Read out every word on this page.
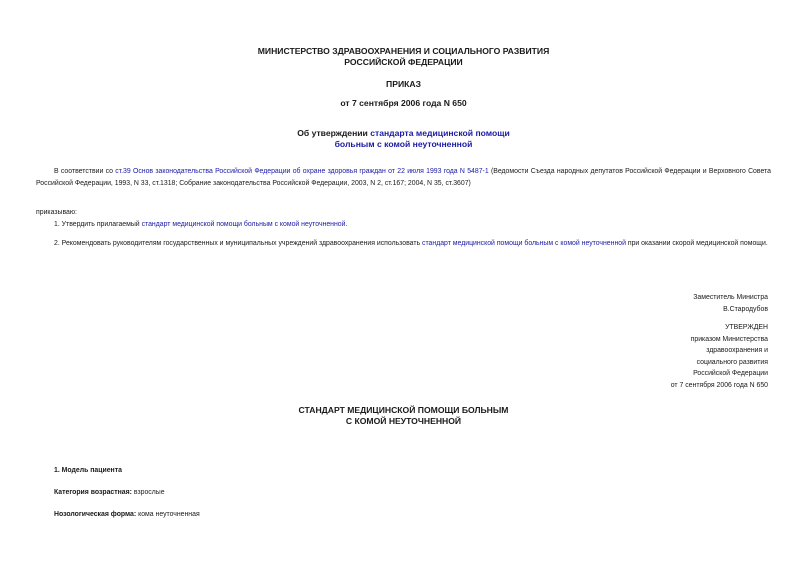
МИНИСТЕРСТВО ЗДРАВООХРАНЕНИЯ И СОЦИАЛЬНОГО РАЗВИТИЯ
РОССИЙСКОЙ ФЕДЕРАЦИИ
ПРИКАЗ
от 7 сентября 2006 года N 650
Об утверждении стандарта медицинской помощи
больным с комой неуточненной
В соответствии со ст.39 Основ законодательства Российской Федерации об охране здоровья граждан от 22 июля 1993 года N 5487-1 (Ведомости Съезда народных депутатов Российской Федерации и Верховного Совета Российской Федерации, 1993, N 33, ст.1318; Собрание законодательства Российской Федерации, 2003, N 2, ст.167; 2004, N 35, ст.3607)
приказываю:
1. Утвердить прилагаемый стандарт медицинской помощи больным с комой неуточненной.
2. Рекомендовать руководителям государственных и муниципальных учреждений здравоохранения использовать стандарт медицинской помощи больным с комой неуточненной при оказании скорой медицинской помощи.
Заместитель Министра
В.Стародубов
УТВЕРЖДЕН
приказом Министерства
здравоохранения и
социального развития
Российской Федерации
от 7 сентября 2006 года N 650
СТАНДАРТ МЕДИЦИНСКОЙ ПОМОЩИ БОЛЬНЫМ
С КОМОЙ НЕУТОЧНЕННОЙ
1. Модель пациента
Категория возрастная: взрослые
Нозологическая форма: кома неуточненная
